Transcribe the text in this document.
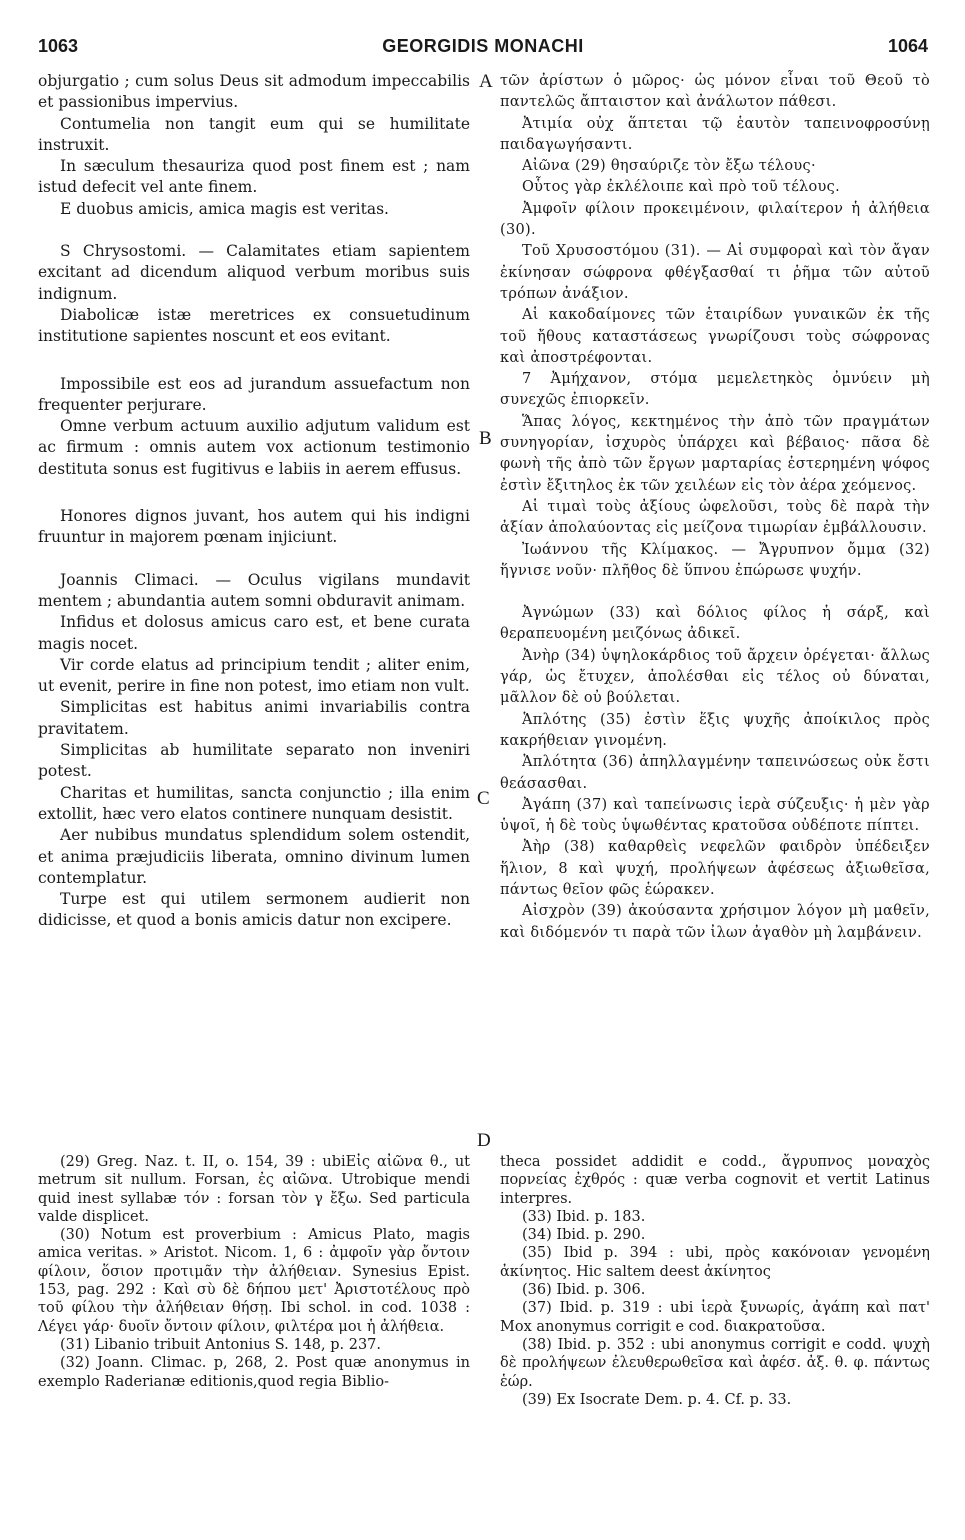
1063	GEORGIDIS MONACHI	1064

objurgatio ; cum solus Deus sit admodum impeccabilis et passionibus impervius.

Contumelia non tangit eum qui se humilitate instruxit.

In sæculum thesauriza quod post finem est ; nam istud defecit vel ante finem.

E duobus amicis, amica magis est veritas.

S Chrysostomi. — Calamitates etiam sapientem excitant ad dicendum aliquod verbum moribus suis indignum.

Diabolicæ istæ meretrices ex consuetudinum institutione sapientes noscunt et eos evitant.

Impossibile est eos ad jurandum assuefactum non frequenter perjurare.

Omne verbum actuum auxilio adjutum validum est ac firmum : omnis autem vox actionum testimonio destituta sonus est fugitivus e labiis in aerem effusus.

Honores dignos juvant, hos autem qui his indigni fruuntur in majorem pœnam injiciunt.

Joannis Climaci. — Oculus vigilans mundavit mentem ; abundantia autem somni obduravit animam.

Infidus et dolosus amicus caro est, et bene curata magis nocet.

Vir corde elatus ad principium tendit ; aliter enim, ut evenit, perire in fine non potest, imo etiam non vult.

Simplicitas est habitus animi invariabilis contra pravitatem.

Simplicitas ab humilitate separato non inveniri potest.

Charitas et humilitas, sancta conjunctio ; illa enim extollit, hæc vero elatos continere nunquam desistit.

Aer nubibus mundatus splendidum solem ostendit, et anima præjudiciis liberata, omnino divinum lumen contemplatur.

Turpe est qui utilem sermonem audierit non didicisse, et quod a bonis amicis datur non excipere.

A
B
C
D

τῶν ἀρίστων ὁ μῶρος· ὡς μόνον εἶναι τοῦ Θεοῦ τὸ παντελῶς ἄπταιστον καὶ ἀνάλωτον πάθεσι.

Ἀτιμία οὐχ ἅπτεται τῷ ἑαυτὸν ταπεινοφροσύνῃ παιδαγωγήσαντι.

Αἰῶνα (29) θησαύριζε τὸν ἔξω τέλους·

Οὗτος γὰρ ἐκλέλοιπε καὶ πρὸ τοῦ τέλους.

Ἀμφοῖν φίλοιν προκειμένοιν, φιλαίτερον ἡ ἀλήθεια (30).

Τοῦ Χρυσοστόμου (31). — Αἱ συμφοραὶ καὶ τὸν ἄγαν ἐκίνησαν σώφρονα φθέγξασθαί τι ῥῆμα τῶν αὐτοῦ τρόπων ἀνάξιον.

Αἱ κακοδαίμονες τῶν ἑταιρίδων γυναικῶν ἐκ τῆς τοῦ ἤθους καταστάσεως γνωρίζουσι τοὺς σώφρονας καὶ ἀποστρέφονται.

7 Ἀμήχανον, στόμα μεμελετηκὸς ὀμνύειν μὴ συνεχῶς ἐπιορκεῖν.

Ἅπας λόγος, κεκτημένος τὴν ἀπὸ τῶν πραγμάτων συνηγορίαν, ἰσχυρὸς ὑπάρχει καὶ βέβαιος· πᾶσα δὲ φωνὴ τῆς ἀπὸ τῶν ἔργων μαρταρίας ἐστερημένη ψόφος ἐστὶν ἔξιτηλος ἐκ τῶν χειλέων εἰς τὸν ἀέρα χεόμενος.

Αἱ τιμαὶ τοὺς ἀξίους ὠφελοῦσι, τοὺς δὲ παρὰ τὴν ἀξίαν ἀπολαύοντας εἰς μείζονα τιμωρίαν ἐμβάλλουσιν.

Ἰωάννου τῆς Κλίμακος. — Ἄγρυπνον ὄμμα (32) ἥγνισε νοῦν· πλῆθος δὲ ὕπνου ἐπώρωσε ψυχήν.

Ἀγνώμων (33) καὶ δόλιος φίλος ἡ σάρξ, καὶ θεραπευομένη μειζόνως ἀδικεῖ.

Ἀνὴρ (34) ὑψηλοκάρδιος τοῦ ἄρχειν ὀρέγεται· ἄλλως γάρ, ὡς ἔτυχεν, ἀπολέσθαι εἰς τέλος οὐ δύναται, μᾶλλον δὲ οὐ βούλεται.

Ἁπλότης (35) ἐστὶν ἕξις ψυχῆς ἀποίκιλος πρὸς κακρήθειαν γινομένη.

Ἁπλότητα (36) ἀπηλλαγμένην ταπεινώσεως οὐκ ἔστι θεάσασθαι.

Ἀγάπη (37) καὶ ταπείνωσις ἱερὰ σύζευξις· ἡ μὲν γὰρ ὑψοῖ, ἡ δὲ τοὺς ὑψωθέντας κρατοῦσα οὐδέποτε πίπτει.

Ἀὴρ (38) καθαρθεὶς νεφελῶν φαιδρὸν ὑπέδειξεν ἥλιον, 8 καὶ ψυχή, προλήψεων ἀφέσεως ἀξιωθεῖσα, πάντως θεῖον φῶς ἑώρακεν.

Αἰσχρὸν (39) ἀκούσαντα χρήσιμον λόγον μὴ μαθεῖν, καὶ διδόμενόν τι παρὰ τῶν ἰλων ἀγαθὸν μὴ λαμβάνειν.

(29) Greg. Naz. t. II, o. 154, 39 : ubiΕἰς αἰῶνα θ., ut metrum sit nullum. Forsan, ἐς αἰῶνα. Utrobique mendi quid inest syllabæ τόν : forsan τὸν γ ἔξω. Sed particula valde displicet.

(30) Notum est proverbium : Amicus Plato, magis amica veritas. » Aristot. Nicom. 1, 6 : ἀμφοῖν γὰρ ὄντοιν φίλοιν, ὅσιον προτιμᾶν τὴν ἀλήθειαν. Synesius Epist. 153, pag. 292 : Καὶ σὺ δὲ δήπου μετ' Ἀριστοτέλους πρὸ τοῦ φίλου τὴν ἀλήθειαν θήσῃ. Ibi schol. in cod. 1038 : Λέγει γάρ· δυοῖν ὄντοιν φίλοιν, φιλτέρα μοι ἡ ἀλήθεια.

(31) Libanio tribuit Antonius S. 148, p. 237.

(32) Joann. Climac. p, 268, 2. Post quæ anonymus in exemplo Raderianæ editionis,quod regia Biblio-

theca possidet addidit e codd., ἄγρυπνος μοναχὸς πορνείας ἐχθρός : quæ verba cognovit et vertit Latinus interpres.

(33) Ibid. p. 183.

(34) Ibid. p. 290.

(35) Ibid p. 394 : ubi, πρὸς κακόνοιαν γενομένη ἀκίνητος. Hic saltem deest ἀκίνητος

(36) Ibid. p. 306.

(37) Ibid. p. 319 : ubi ἱερὰ ξυνωρίς, ἀγάπη καὶ πατ' Mox anonymus corrigit e cod. διακρατοῦσα.

(38) Ibid. p. 352 : ubi anonymus corrigit e codd. ψυχὴ δὲ προλήψεων ἐλευθερωθεῖσα καὶ ἀφέσ. ἀξ. θ. φ. πάντως ἑώρ.

(39) Ex Isocrate Dem. p. 4. Cf. p. 33.
